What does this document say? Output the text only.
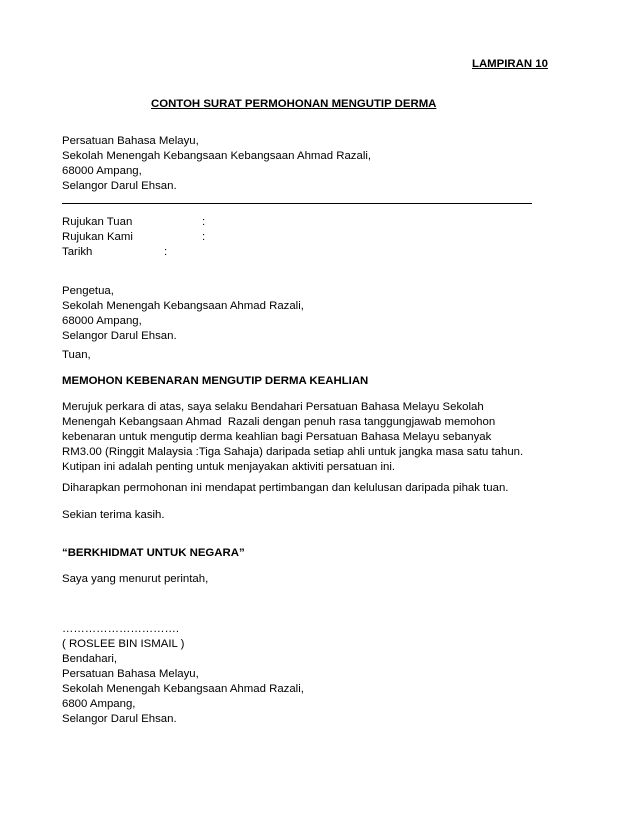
LAMPIRAN 10
CONTOH SURAT PERMOHONAN MENGUTIP DERMA
Persatuan Bahasa Melayu,
Sekolah Menengah Kebangsaan Kebangsaan Ahmad Razali,
68000 Ampang,
Selangor Darul Ehsan.
Rujukan Tuan	:
Rujukan Kami	:
Tarikh	:
Pengetua,
Sekolah Menengah Kebangsaan Ahmad Razali,
68000 Ampang,
Selangor Darul Ehsan.
Tuan,
MEMOHON KEBENARAN MENGUTIP DERMA KEAHLIAN
Merujuk perkara di atas, saya selaku Bendahari Persatuan Bahasa Melayu Sekolah
Menengah Kebangsaan Ahmad  Razali dengan penuh rasa tanggungjawab memohon
kebenaran untuk mengutip derma keahlian bagi Persatuan Bahasa Melayu sebanyak
RM3.00 (Ringgit Malaysia :Tiga Sahaja) daripada setiap ahli untuk jangka masa satu tahun.
Kutipan ini adalah penting untuk menjayakan aktiviti persatuan ini.
Diharapkan permohonan ini mendapat pertimbangan dan kelulusan daripada pihak tuan.
Sekian terima kasih.
“BERKHIDMAT UNTUK NEGARA”
Saya yang menurut perintah,
………………………….
( ROSLEE BIN ISMAIL )
Bendahari,
Persatuan Bahasa Melayu,
Sekolah Menengah Kebangsaan Ahmad Razali,
6800 Ampang,
Selangor Darul Ehsan.
